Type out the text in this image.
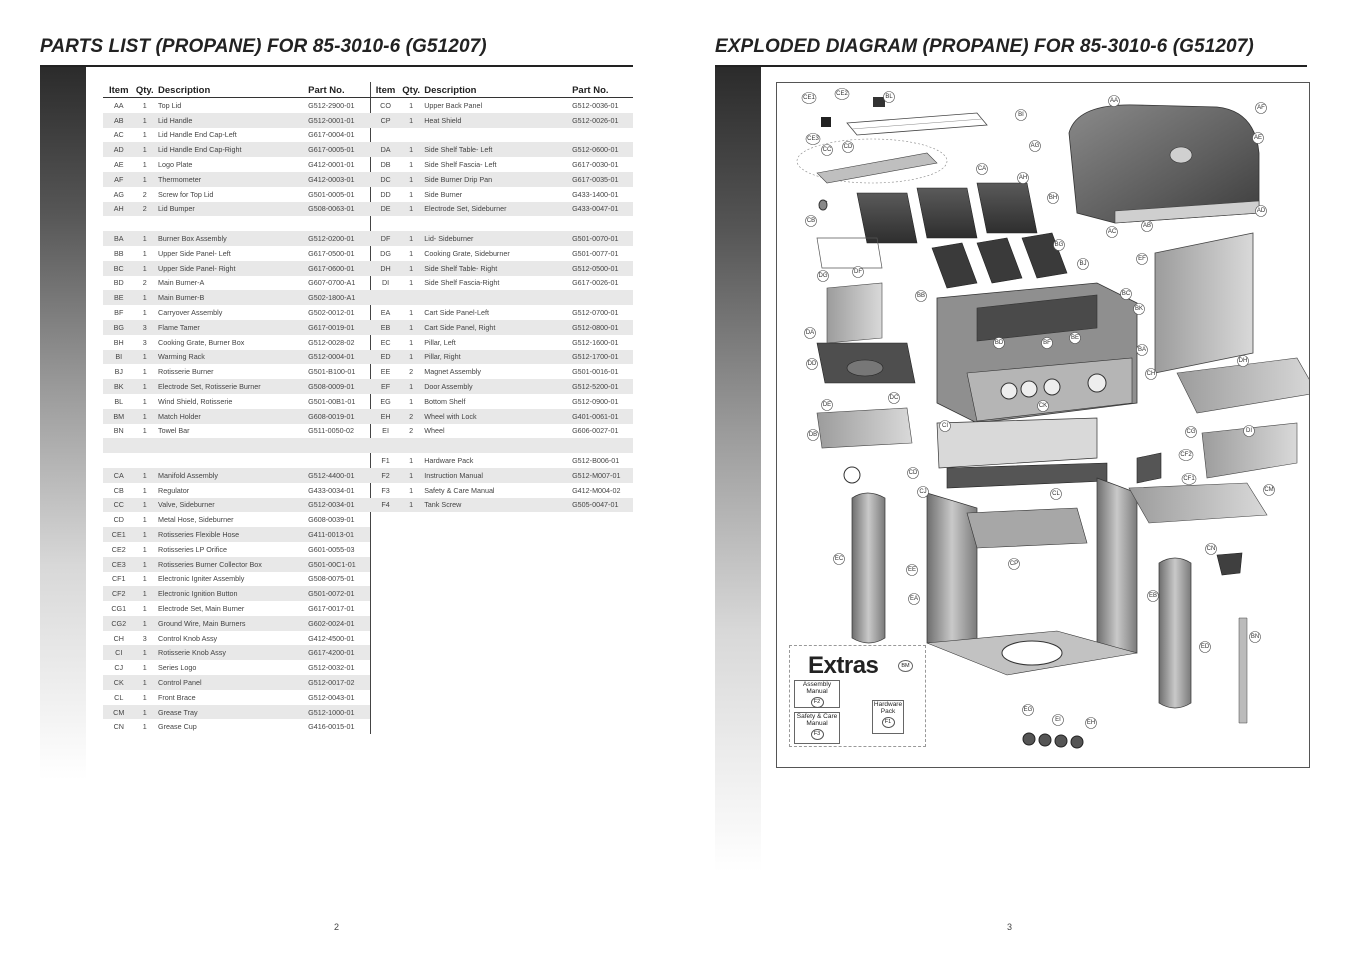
PARTS LIST (PROPANE) FOR 85-3010-6 (G51207)
Item Qty. Description	Part No.
AA	1	Top Lid	G512-2900-01
AB	1	Lid Handle	G512-0001-01
AC	1	Lid Handle End Cap-Left	G617-0004-01
AD	1	Lid Handle End Cap-Right	G617-0005-01
AE	1	Logo Plate	G412-0001-01
AF	1	Thermometer	G412-0003-01
AG	2	Screw for Top Lid	G501-0005-01
AH	2	Lid Bumper	G508-0063-01
BA	1	Burner Box Assembly	G512-0200-01
BB	1	Upper Side Panel- Left	G617-0500-01
BC	1	Upper Side Panel- Right	G617-0600-01
BD	2	Main Burner-A	G607-0700-A1
BE	1	Main Burner-B	G502-1800-A1
BF	1	Carryover Assembly	G502-0012-01
BG	3	Flame Tamer	G617-0019-01
BH	3	Cooking Grate, Burner Box	G512-0028-02
BI	1	Warming Rack	G512-0004-01
BJ	1	Rotisserie Burner	G501-B100-01
BK	1	Electrode Set, Rotisserie Burner	G508-0009-01
BL	1	Wind Shield, Rotisserie	G501-00B1-01
BM	1	Match Holder	G608-0019-01
BN	1	Towel Bar	G511-0050-02
CA	1	Manifold Assembly	G512-4400-01
CB	1	Regulator	G433-0034-01
CC	1	Valve, Sideburner	G512-0034-01
CD	1	Metal Hose, Sideburner	G608-0039-01
CE1	1	Rotisseries Flexible Hose	G411-0013-01
CE2	1	Rotisseries LP Orifice	G601-0055-03
CE3	1	Rotisseries Burner Collector Box	G501-00C1-01
CF1	1	Electronic Igniter Assembly	G508-0075-01
CF2	1	Electronic Ignition Button	G501-0072-01
CG1	1	Electrode Set, Main Burner	G617-0017-01
CG2	1	Ground Wire, Main Burners	G602-0024-01
CH	3	Control Knob Assy	G412-4500-01
CI	1	Rotisserie Knob Assy	G617-4200-01
CJ	1	Series Logo	G512-0032-01
CK	1	Control Panel	G512-0017-02
CL	1	Front Brace	G512-0043-01
CM	1	Grease Tray	G512-1000-01
CN	1	Grease Cup	G416-0015-01
Item Qty. Description	Part No.
CO	1	Upper Back Panel	G512-0036-01
CP	1	Heat Shield	G512-0026-01
DA	1	Side Shelf Table- Left	G512-0600-01
DB	1	Side Shelf Fascia- Left	G617-0030-01
DC	1	Side Burner Drip Pan	G617-0035-01
DD	1	Side Burner	G433-1400-01
DE	1	Electrode Set, Sideburner	G433-0047-01
DF	1	Lid- Sideburner	G501-0070-01
DG	1	Cooking Grate, Sideburner	G501-0077-01
DH	1	Side Shelf Table- Right	G512-0500-01
DI	1	Side Shelf Fascia-Right	G617-0026-01
EA	1	Cart Side Panel-Left	G512-0700-01
EB	1	Cart Side Panel, Right	G512-0800-01
EC	1	Pillar, Left	G512-1600-01
ED	1	Pillar, Right	G512-1700-01
EE	2	Magnet Assembly	G501-0016-01
EF	1	Door Assembly	G512-5200-01
EG	1	Bottom Shelf	G512-0900-01
EH	2	Wheel with Lock	G401-0061-01
EI	2	Wheel	G606-0027-01
F1	1	Hardware Pack	G512-B006-01
F2	1	Instruction Manual	G512-M007-01
F3	1	Safety & Care Manual	G412-M004-02
F4	1	Tank Screw	G505-0047-01
2
EXPLODED DIAGRAM (PROPANE) FOR 85-3010-6 (G51207)
CE1
CE2	BL
BI
AA
AF
AE
AD
AB
AC
AG
AH
CC CD
CE3
CA
CB
BH
BG
BJ
EF
DG
DF
BB	BC
BK
DA
DD
BD	BF
BE
BA
CH
DH
DE
DC
CI
CK
CG
DB
CJ
CF2
DI
CF1
CD
CL
CM
CP
EC
EE
EA	EB
CN
ED
BN
EG
EI	EH
Extras
Assembly Manual
F2
Safety & Care Manual
F3
Hardware Pack
F1
BM
3
